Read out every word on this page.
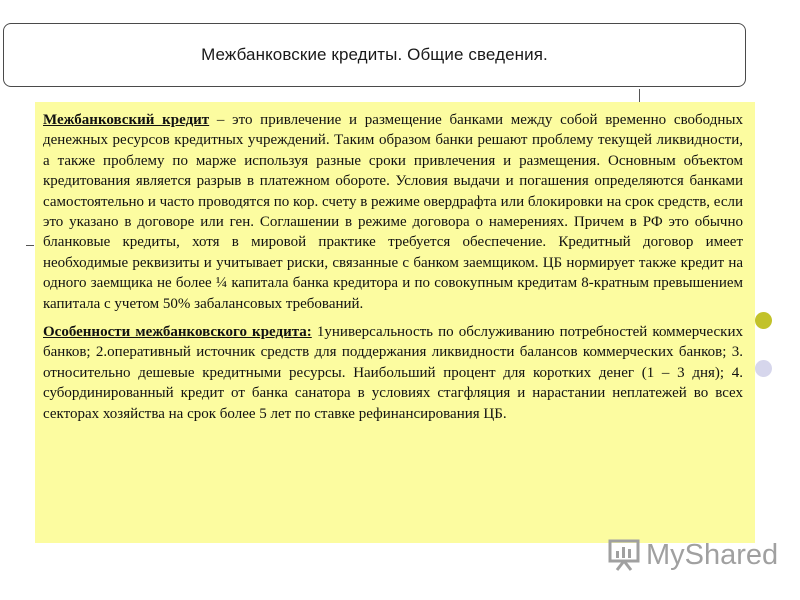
Межбанковские кредиты. Общие сведения.

Межбанковский кредит – это привлечение и размещение банками между собой временно свободных денежных ресурсов кредитных учреждений. Таким образом банки решают проблему текущей ликвидности, а также проблему по марже используя разные сроки привлечения и размещения. Основным объектом кредитования является разрыв в платежном обороте. Условия выдачи и погашения определяются банками самостоятельно и часто проводятся по кор. счету в режиме овердрафта или блокировки на срок средств, если это указано в договоре или ген. Соглашении в режиме договора о намерениях. Причем в РФ это обычно бланковые кредиты, хотя в мировой практике требуется обеспечение. Кредитный договор имеет необходимые реквизиты и учитывает риски, связанные с банком заемщиком. ЦБ нормирует также кредит на одного заемщика не более ¼ капитала банка кредитора и по совокупным кредитам 8-кратным превышением капитала с учетом 50% забалансовых требований.

Особенности межбанковского кредита: 1универсальность по обслуживанию потребностей коммерческих банков; 2.оперативный источник средств для поддержания ликвидности балансов коммерческих банков; 3. относительно дешевые кредитными ресурсы. Наибольший процент для коротких денег (1 – 3 дня); 4. субординированный кредит от банка санатора в условиях стагфляция и нарастании неплатежей во всех секторах хозяйства на срок более 5 лет по ставке рефинансирования ЦБ.

MyShared
